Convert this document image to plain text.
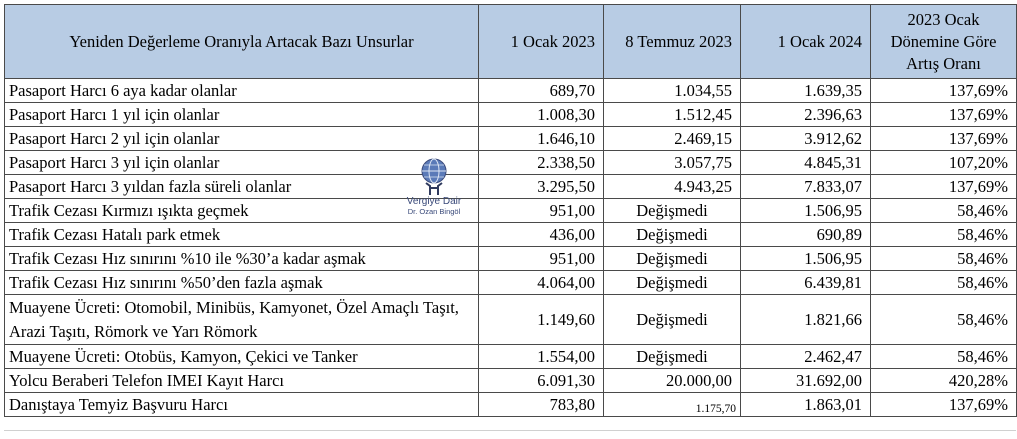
Yeniden Değerleme Oranıyla Artacak Bazı Unsurlar	1 Ocak 2023	8 Temmuz 2023	1 Ocak 2024	2023 Ocak Dönemine Göre Artış Oranı
Pasaport Harcı 6 aya kadar olanlar	689,70	1.034,55	1.639,35	137,69%
Pasaport Harcı 1 yıl için olanlar	1.008,30	1.512,45	2.396,63	137,69%
Pasaport Harcı 2 yıl için olanlar	1.646,10	2.469,15	3.912,62	137,69%
Pasaport Harcı 3 yıl için olanlar	2.338,50	3.057,75	4.845,31	107,20%
Pasaport Harcı 3 yıldan fazla süreli olanlar	3.295,50	4.943,25	7.833,07	137,69%
Trafik Cezası Kırmızı ışıkta geçmek	951,00	Değişmedi	1.506,95	58,46%
Trafik Cezası Hatalı park etmek	436,00	Değişmedi	690,89	58,46%
Trafik Cezası Hız sınırını %10 ile %30’a kadar aşmak	951,00	Değişmedi	1.506,95	58,46%
Trafik Cezası Hız sınırını %50’den fazla aşmak	4.064,00	Değişmedi	6.439,81	58,46%
Muayene Ücreti: Otomobil, Minibüs, Kamyonet, Özel Amaçlı Taşıt, Arazi Taşıtı, Römork ve Yarı Römork	1.149,60	Değişmedi	1.821,66	58,46%
Muayene Ücreti: Otobüs, Kamyon, Çekici ve Tanker	1.554,00	Değişmedi	2.462,47	58,46%
Yolcu Beraberi Telefon IMEI Kayıt Harcı	6.091,30	20.000,00	31.692,00	420,28%
Danıştaya Temyiz Başvuru Harcı	783,80	1.175,70	1.863,01	137,69%
Vergiye Dair
Dr. Ozan Bingöl
